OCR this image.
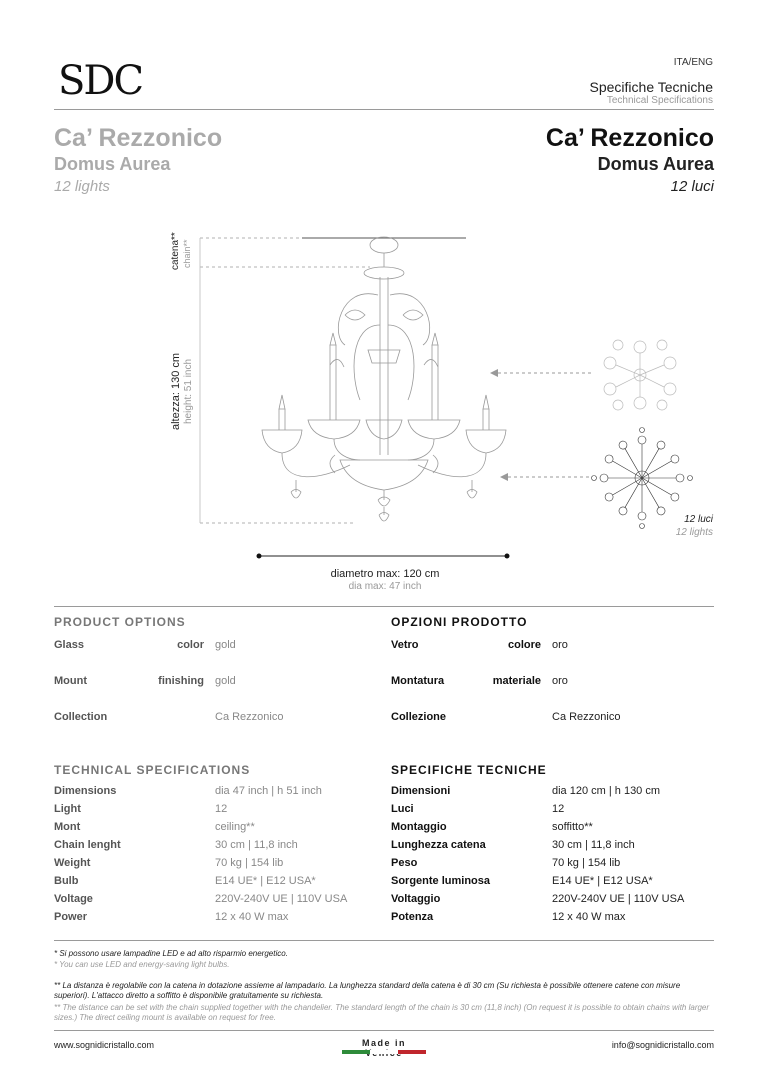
SDC	ITA/ENG
Specifiche Tecniche
Technical Specifications
Ca’ Rezzonico
Domus Aurea
12 lights
Ca’ Rezzonico
Domus Aurea
12 luci
catena** chain**
altezza: 130 cm height: 51 inch
diametro max: 120 cm
dia max: 47 inch
12 luci
12 lights
PRODUCT OPTIONS	OPZIONI PRODOTTO
Glass	color gold
Mount	finishing gold
Collection	Ca Rezzonico
Vetro	colore oro
Montatura	materiale oro
Collezione	Ca Rezzonico
TECHNICAL SPECIFICATIONS	SPECIFICHE TECNICHE
Dimensions	dia 47 inch | h 51 inch
Light	12
Mont	ceiling**
Chain lenght	30 cm | 11,8 inch
Weight	70 kg | 154 lib
Bulb	E14 UE* | E12 USA*
Voltage	220V-240V UE | 110V USA
Power	12 x 40 W max
Dimensioni	dia 120 cm | h 130 cm
Luci	12
Montaggio	soffitto**
Lunghezza catena	30 cm | 11,8 inch
Peso	70 kg | 154 lib
Sorgente luminosa	E14 UE* | E12 USA*
Voltaggio	220V-240V UE | 110V USA
Potenza	12 x 40 W max
* Si possono usare lampadine LED e ad alto risparmio energetico.
* You can use LED and energy-saving light bulbs.
** La distanza è regolabile con la catena in dotazione assieme al lampadario. La lunghezza standard della catena è di 30 cm (Su richiesta è possibile ottenere catene con misure superiori). L'attacco diretto a soffitto è disponibile gratuitamente su richiesta.
** The distance can be set with the chain supplied together with the chandelier. The standard length of the chain is 30 cm (11,8 inch) (On request it is possible to obtain chains with larger sizes.) The direct ceiling mount is available on request for free.
www.sognidicristallo.com	Made in	info@sognidicristallo.com
